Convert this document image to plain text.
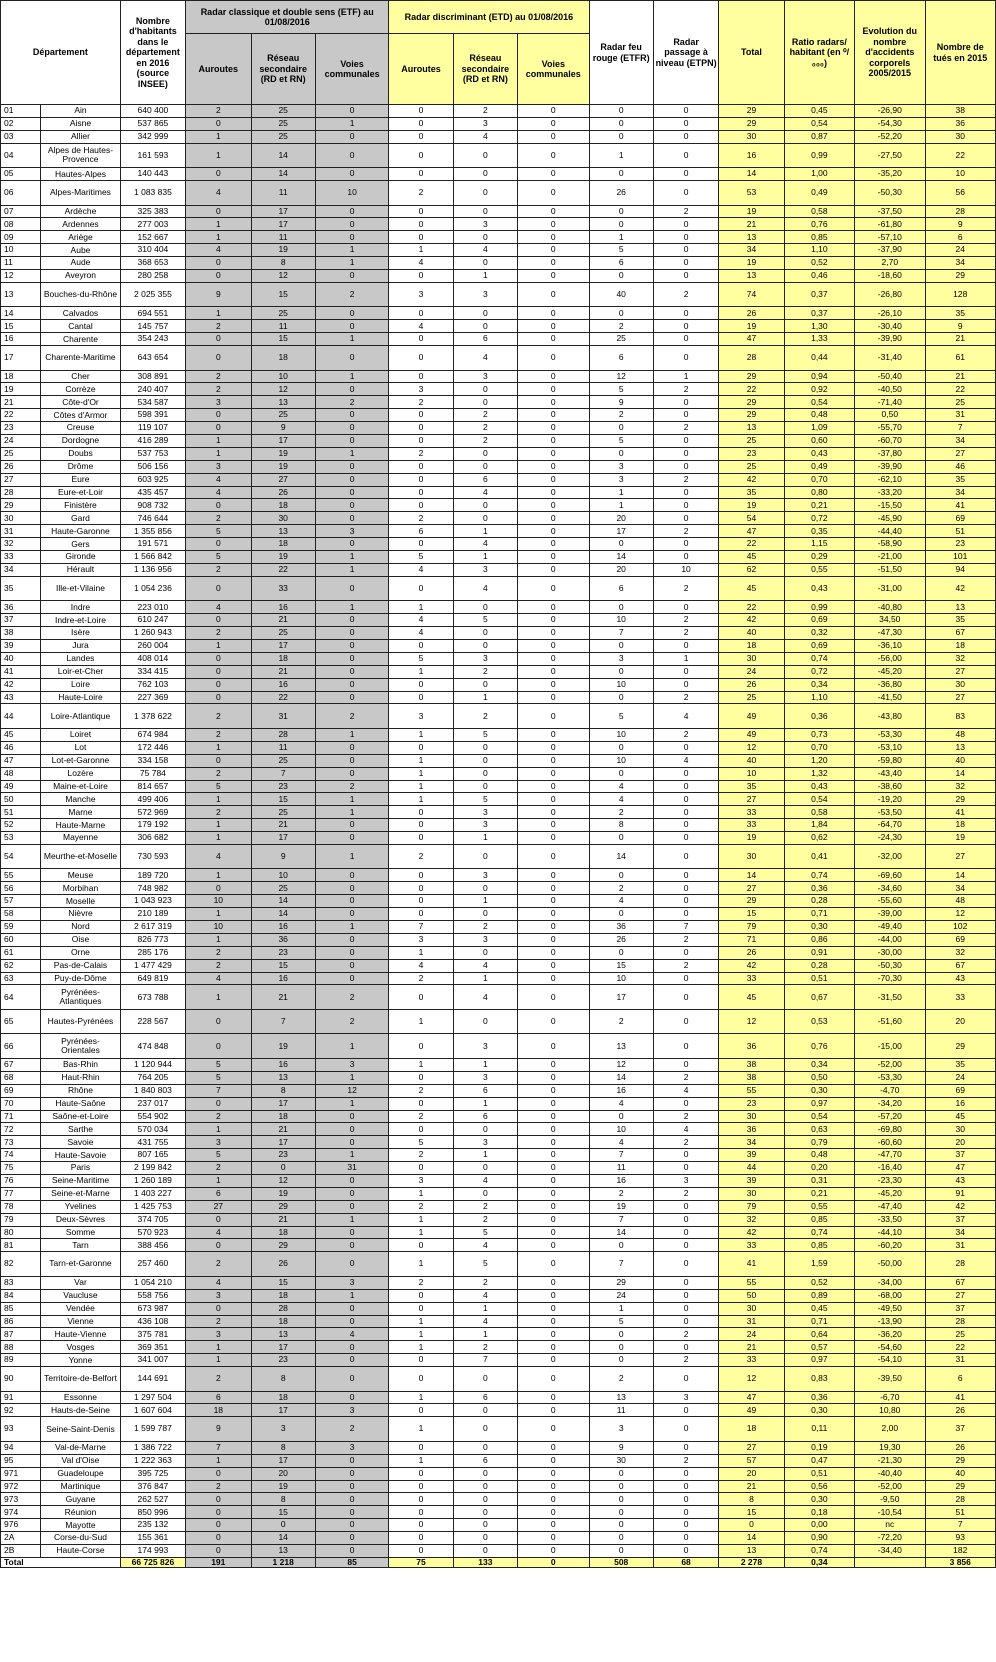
Département		Nombre d'habitants dans le département en 2016 (source INSEE)	Radar classique et double sens (ETF) au 01/08/2016			Radar discriminant (ETD) au 01/08/2016			Radar feu rouge (ETFR)	Radar passage à niveau (ETPN)	Total	Ratio radars/ habitant (en ⁰/₀₀₀)	Evolution du nombre d'accidents corporels 2005/2015	Nombre de tués en 2015
			Auroutes	Réseau secondaire (RD et RN)	Voies communales	Auroutes	Réseau secondaire (RD et RN)	Voies communales						
01	Ain	640 400	2	25	0	0	2	0	0	0	29	0,45	-26,90	38
02	Aisne	537 865	0	25	1	0	3	0	0	0	29	0,54	-54,30	36
03	Allier	342 999	1	25	0	0	4	0	0	0	30	0,87	-52,20	30
04	Alpes de Hautes-Provence	161 593	1	14	0	0	0	0	1	0	16	0,99	-27,50	22
05	Hautes-Alpes	140 443	0	14	0	0	0	0	0	0	14	1,00	-35,20	10
06	Alpes-Maritimes	1 083 835	4	11	10	2	0	0	26	0	53	0,49	-50,30	56
07	Ardèche	325 383	0	17	0	0	0	0	0	2	19	0,58	-37,50	28
08	Ardennes	277 003	1	17	0	0	3	0	0	0	21	0,76	-61,80	9
09	Ariège	152 667	1	11	0	0	0	0	1	0	13	0,85	-57,10	6
10	Aube	310 404	4	19	1	1	4	0	5	0	34	1,10	-37,90	24
11	Aude	368 653	0	8	1	4	0	0	6	0	19	0,52	2,70	34
12	Aveyron	280 258	0	12	0	0	1	0	0	0	13	0,46	-18,60	29
13	Bouches-du-Rhône	2 025 355	9	15	2	3	3	0	40	2	74	0,37	-26,80	128
14	Calvados	694 551	1	25	0	0	0	0	0	0	26	0,37	-26,10	35
15	Cantal	145 757	2	11	0	4	0	0	2	0	19	1,30	-30,40	9
16	Charente	354 243	0	15	1	0	6	0	25	0	47	1,33	-39,90	21
17	Charente-Maritime	643 654	0	18	0	0	4	0	6	0	28	0,44	-31,40	61
18	Cher	308 891	2	10	1	0	3	0	12	1	29	0,94	-50,40	21
19	Corrèze	240 407	2	12	0	3	0	0	5	2	22	0,92	-40,50	22
21	Côte-d'Or	534 587	3	13	2	2	0	0	9	0	29	0,54	-71,40	25
22	Côtes d'Armor	598 391	0	25	0	0	2	0	2	0	29	0,48	0,50	31
23	Creuse	119 107	0	9	0	0	2	0	0	2	13	1,09	-55,70	7
24	Dordogne	416 289	1	17	0	0	2	0	5	0	25	0,60	-60,70	34
25	Doubs	537 753	1	19	1	2	0	0	0	0	23	0,43	-37,80	27
26	Drôme	506 156	3	19	0	0	0	0	3	0	25	0,49	-39,90	46
27	Eure	603 925	4	27	0	0	6	0	3	2	42	0,70	-62,10	35
28	Eure-et-Loir	435 457	4	26	0	0	4	0	1	0	35	0,80	-33,20	34
29	Finistère	908 732	0	18	0	0	0	0	1	0	19	0,21	-15,50	41
30	Gard	746 644	2	30	0	2	0	0	20	0	54	0,72	-45,90	69
31	Haute-Garonne	1 355 856	5	13	3	6	1	0	17	2	47	0,35	-44,40	51
32	Gers	191 571	0	18	0	0	4	0	0	0	22	1,15	-58,90	23
33	Gironde	1 566 842	5	19	1	5	1	0	14	0	45	0,29	-21,00	101
34	Hérault	1 136 956	2	22	1	4	3	0	20	10	62	0,55	-51,50	94
35	Ille-et-Vilaine	1 054 236	0	33	0	0	4	0	6	2	45	0,43	-31,00	42
36	Indre	223 010	4	16	1	1	0	0	0	0	22	0,99	-40,80	13
37	Indre-et-Loire	610 247	0	21	0	4	5	0	10	2	42	0,69	34,50	35
38	Isère	1 260 943	2	25	0	4	0	0	7	2	40	0,32	-47,30	67
39	Jura	260 004	1	17	0	0	0	0	0	0	18	0,69	-36,10	18
40	Landes	408 014	0	18	0	5	3	0	3	1	30	0,74	-56,00	32
41	Loir-et-Cher	334 415	0	21	0	1	2	0	0	0	24	0,72	-45,20	27
42	Loire	762 103	0	16	0	0	0	0	10	0	26	0,34	-36,80	30
43	Haute-Loire	227 369	0	22	0	0	1	0	0	2	25	1,10	-41,50	27
44	Loire-Atlantique	1 378 622	2	31	2	3	2	0	5	4	49	0,36	-43,80	83
45	Loiret	674 984	2	28	1	1	5	0	10	2	49	0,73	-53,30	48
46	Lot	172 446	1	11	0	0	0	0	0	0	12	0,70	-53,10	13
47	Lot-et-Garonne	334 158	0	25	0	1	0	0	10	4	40	1,20	-59,80	40
48	Lozère	75 784	2	7	0	1	0	0	0	0	10	1,32	-43,40	14
49	Maine-et-Loire	814 657	5	23	2	1	0	0	4	0	35	0,43	-38,60	32
50	Manche	499 406	1	15	1	1	5	0	4	0	27	0,54	-19,20	29
51	Marne	572 969	2	25	1	0	3	0	2	0	33	0,58	-53,50	41
52	Haute-Marne	179 192	1	21	0	0	3	0	8	0	33	1,84	-64,70	18
53	Mayenne	306 682	1	17	0	0	1	0	0	0	19	0,62	-24,30	19
54	Meurthe-et-Moselle	730 593	4	9	1	2	0	0	14	0	30	0,41	-32,00	27
55	Meuse	189 720	1	10	0	0	3	0	0	0	14	0,74	-69,60	14
56	Morbihan	748 982	0	25	0	0	0	0	2	0	27	0,36	-34,60	34
57	Moselle	1 043 923	10	14	0	0	1	0	4	0	29	0,28	-55,60	48
58	Nièvre	210 189	1	14	0	0	0	0	0	0	15	0,71	-39,00	12
59	Nord	2 617 319	10	16	1	7	2	0	36	7	79	0,30	-49,40	102
60	Oise	826 773	1	36	0	3	3	0	26	2	71	0,86	-44,00	69
61	Orne	285 176	2	23	0	1	0	0	0	0	26	0,91	-30,00	32
62	Pas-de-Calais	1 477 429	2	15	0	4	4	0	15	2	42	0,28	-50,30	67
63	Puy-de-Dôme	649 819	4	16	0	2	1	0	10	0	33	0,51	-70,30	43
64	Pyrénées-Atlantiques	673 788	1	21	2	0	4	0	17	0	45	0,67	-31,50	33
65	Hautes-Pyrénées	228 567	0	7	2	1	0	0	2	0	12	0,53	-51,60	20
66	Pyrénées-Orientales	474 848	0	19	1	0	3	0	13	0	36	0,76	-15,00	29
67	Bas-Rhin	1 120 944	5	16	3	1	1	0	12	0	38	0,34	-52,00	35
68	Haut-Rhin	764 205	5	13	1	0	3	0	14	2	38	0,50	-53,30	24
69	Rhône	1 840 803	7	8	12	2	6	0	16	4	55	0,30	-4,70	69
70	Haute-Saône	237 017	0	17	1	0	1	0	4	0	23	0,97	-34,20	16
71	Saône-et-Loire	554 902	2	18	0	2	6	0	0	2	30	0,54	-57,20	45
72	Sarthe	570 034	1	21	0	0	0	0	10	4	36	0,63	-69,80	30
73	Savoie	431 755	3	17	0	5	3	0	4	2	34	0,79	-60,60	20
74	Haute-Savoie	807 165	5	23	1	2	1	0	7	0	39	0,48	-47,70	37
75	Paris	2 199 842	2	0	31	0	0	0	11	0	44	0,20	-16,40	47
76	Seine-Maritime	1 260 189	1	12	0	3	4	0	16	3	39	0,31	-23,30	43
77	Seine-et-Marne	1 403 227	6	19	0	1	0	0	2	2	30	0,21	-45,20	91
78	Yvelines	1 425 753	27	29	0	2	2	0	19	0	79	0,55	-47,40	42
79	Deux-Sèvres	374 705	0	21	1	1	2	0	7	0	32	0,85	-33,50	37
80	Somme	570 923	4	18	0	1	5	0	14	0	42	0,74	-44,10	34
81	Tarn	388 456	0	29	0	0	4	0	0	0	33	0,85	-60,20	31
82	Tarn-et-Garonne	257 460	2	26	0	1	5	0	7	0	41	1,59	-50,00	28
83	Var	1 054 210	4	15	3	2	2	0	29	0	55	0,52	-34,00	67
84	Vaucluse	558 756	3	18	1	0	4	0	24	0	50	0,89	-68,00	27
85	Vendée	673 987	0	28	0	0	1	0	1	0	30	0,45	-49,50	37
86	Vienne	436 108	2	18	0	1	4	0	5	0	31	0,71	-13,90	28
87	Haute-Vienne	375 781	3	13	4	1	1	0	0	2	24	0,64	-36,20	25
88	Vosges	369 351	1	17	0	1	2	0	0	0	21	0,57	-54,60	22
89	Yonne	341 007	1	23	0	0	7	0	0	2	33	0,97	-54,10	31
90	Territoire-de-Belfort	144 691	2	8	0	0	0	0	2	0	12	0,83	-39,50	6
91	Essonne	1 297 504	6	18	0	1	6	0	13	3	47	0,36	-6,70	41
92	Hauts-de-Seine	1 607 604	18	17	3	0	0	0	11	0	49	0,30	10,80	26
93	Seine-Saint-Denis	1 599 787	9	3	2	1	0	0	3	0	18	0,11	2,00	37
94	Val-de-Marne	1 386 722	7	8	3	0	0	0	9	0	27	0,19	19,30	26
95	Val d'Oise	1 222 363	1	17	0	1	6	0	30	2	57	0,47	-21,30	29
971	Guadeloupe	395 725	0	20	0	0	0	0	0	0	20	0,51	-40,40	40
972	Martinique	376 847	2	19	0	0	0	0	0	0	21	0,56	-52,00	29
973	Guyane	262 527	0	8	0	0	0	0	0	0	8	0,30	-9,50	28
974	Réunion	850 996	0	15	0	0	0	0	0	0	15	0,18	-10,54	51
976	Mayotte	235 132	0	0	0	0	0	0	0	0	0	0,00	nc	7
2A	Corse-du-Sud	155 361	0	14	0	0	0	0	0	0	14	0,90	-72,20	93
2B	Haute-Corse	174 993	0	13	0	0	0	0	0	0	13	0,74	-34,40	182
Total		66 725 826	191	1 218	85	75	133	0	508	68	2 278	0,34		3 856
